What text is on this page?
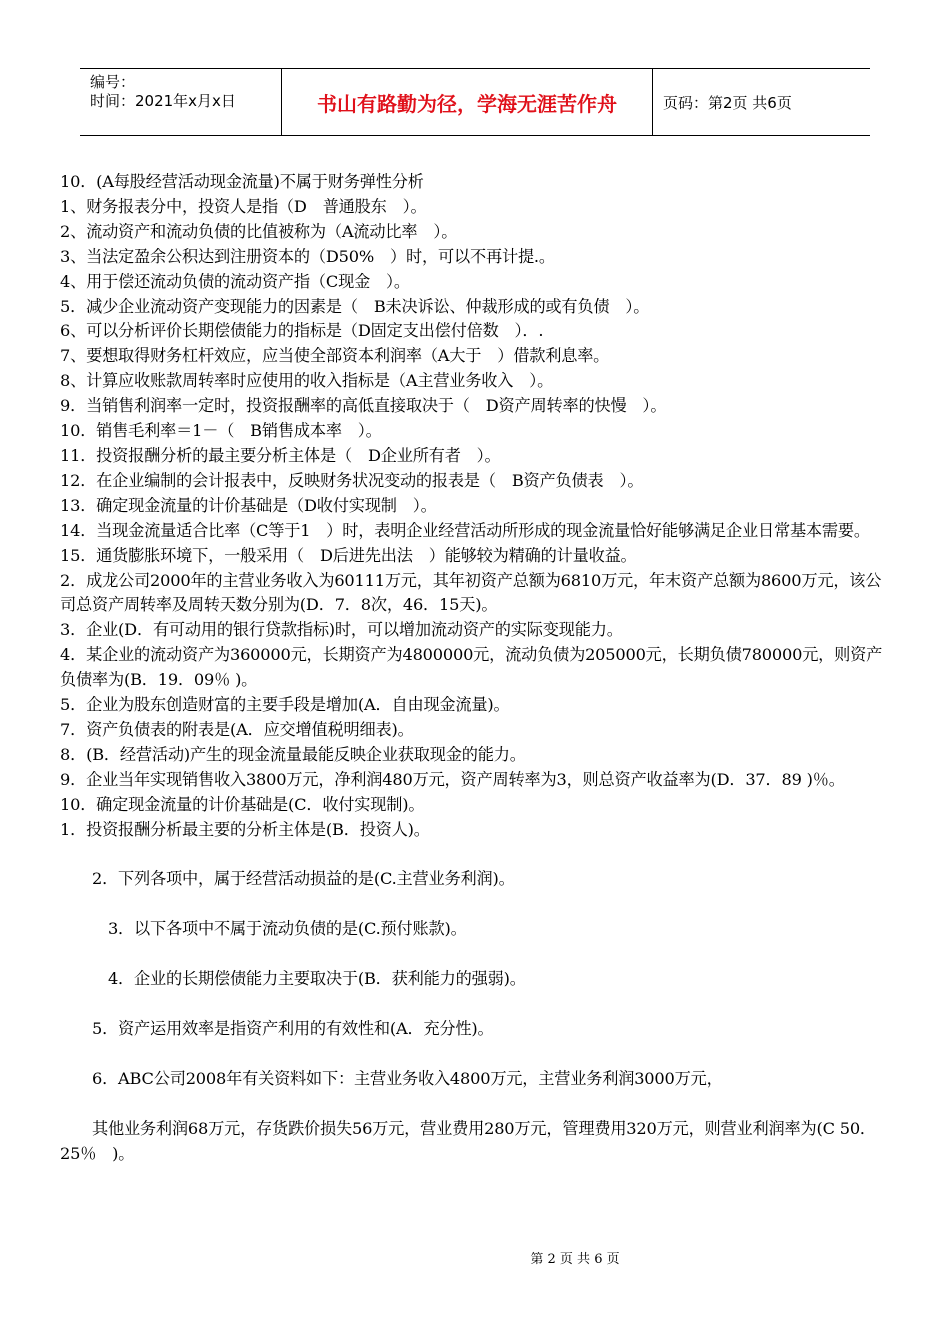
编号：
时间：2021年x月x日	书山有路勤为径，学海无涯苦作舟	页码：第2页 共6页

10．(A每股经营活动现金流量)不属于财务弹性分析

1、财务报表分中，投资人是指（D　普通股东　）。

2、流动资产和流动负债的比值被称为（A流动比率　）。

3、当法定盈余公积达到注册资本的（D50%　）时，可以不再计提.。

4、用于偿还流动负债的流动资产指（C现金　）。

5．减少企业流动资产变现能力的因素是（　B未决诉讼、仲裁形成的或有负债　）。

6、可以分析评价长期偿债能力的指标是（D固定支出偿付倍数　）．.

7、要想取得财务杠杆效应，应当使全部资本利润率（A大于　）借款利息率。

8、计算应收账款周转率时应使用的收入指标是（A主营业务收入　）。

9．当销售利润率一定时，投资报酬率的高低直接取决于（　D资产周转率的快慢　）。

10．销售毛利率＝1－（　B销售成本率　）。

11．投资报酬分析的最主要分析主体是（　D企业所有者　）。

12．在企业编制的会计报表中，反映财务状况变动的报表是（　B资产负债表　）。

13．确定现金流量的计价基础是（D收付实现制　）。

14．当现金流量适合比率（C等于1　）时，表明企业经营活动所形成的现金流量恰好能够满足企业日常基本需要。

15．通货膨胀环境下，一般采用（　D后进先出法　）能够较为精确的计量收益。

2．成龙公司2000年的主营业务收入为60111万元，其年初资产总额为6810万元，年末资产总额为8600万元，该公司总资产周转率及周转天数分别为(D．7．8次，46．15天)。

3．企业(D．有可动用的银行贷款指标)时，可以增加流动资产的实际变现能力。

4．某企业的流动资产为360000元，长期资产为4800000元，流动负债为205000元，长期负债780000元，则资产负债率为(B．19．09％ )。

5．企业为股东创造财富的主要手段是增加(A．自由现金流量)。

7．资产负债表的附表是(A．应交增值税明细表)。

8．(B．经营活动)产生的现金流量最能反映企业获取现金的能力。

9．企业当年实现销售收入3800万元，净利润480万元，资产周转率为3，则总资产收益率为(D．37．89 )％。

10．确定现金流量的计价基础是(C．收付实现制)。

1．投资报酬分析最主要的分析主体是(B．投资人)。

　　2．下列各项中，属于经营活动损益的是(C.主营业务利润)。

　　　3．以下各项中不属于流动负债的是(C.预付账款)。

　　　4．企业的长期偿债能力主要取决于(B．获利能力的强弱)。

　　5．资产运用效率是指资产利用的有效性和(A．充分性)。

　　6．ABC公司2008年有关资料如下：主营业务收入4800万元，主营业务利润3000万元，

　　其他业务利润68万元，存货跌价损失56万元，营业费用280万元，管理费用320万元，则营业利润率为(C 50．25％　)。

第 2 页 共 6 页
